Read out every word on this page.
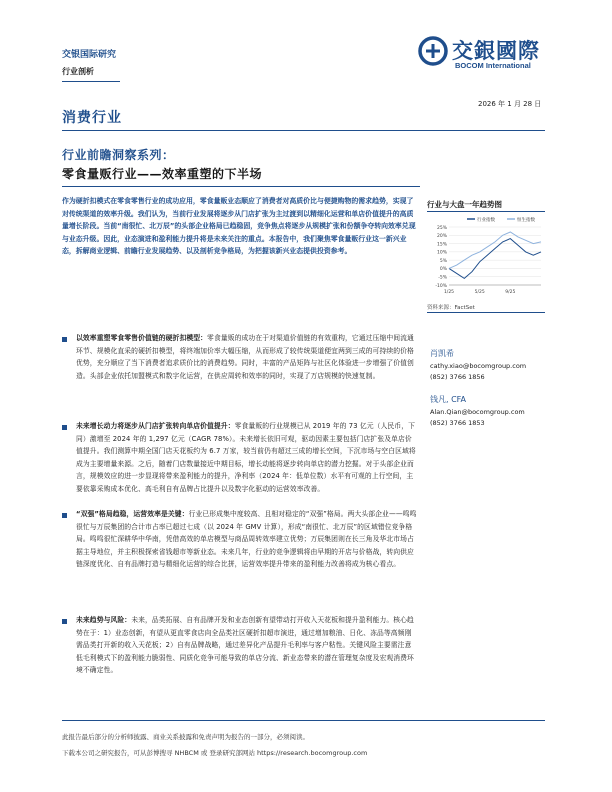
交银国际研究
行业剖析
交銀國際
BOCOM International
2026 年 1 月 28 日
消费行业
行业前瞻洞察系列：
零食量贩行业——效率重塑的下半场
作为硬折扣模式在零食零售行业的成功应用，零食量贩业态顺应了消费者对高质价比与便捷购物的需求趋势，实现了对传统渠道的效率升级。我们认为，当前行业发展将逐步从门店扩张为主过渡到以精细化运营和单店价值提升的高质量增长阶段。当前“南很忙、北万辰”的头部企业格局已趋稳固，竞争焦点将逐步从规模扩张和份额争夺转向效率兑现与业态升级。因此，业态演进和盈利能力提升将是未来关注的重点。本报告中，我们聚焦零食量贩行业这一新兴业态，拆解商业逻辑、前瞻行业发展趋势、以及剖析竞争格局，为把握该新兴业态提供投资参考。
以效率重塑零食零售价值链的硬折扣模型：零食量贩的成功在于对渠道价值链的有效重构，它通过压缩中间流通环节、规模化直采的硬折扣模型，将终端加价率大幅压缩，从而形成了较传统渠道便宜两到三成的可持续的价格优势，充分顺应了当下消费者追求质价比的消费趋势。同时，丰富的产品矩阵与社区化体验进一步增强了价值创造。头部企业依托加盟模式和数字化运营，在供应周转和效率的同时，实现了万店规模的快速复制。
未来增长动力将逐步从门店扩张转向单店价值提升：零食量贩的行业规模已从 2019 年的 73 亿元（人民币，下同）激增至 2024 年的 1,297 亿元（CAGR 78%）。未来增长依旧可观，驱动因素主要包括门店扩张及单店价值提升。我们测算中期全国门店天花板约为 6.7 万家，较当前仍有超过三成的增长空间，下沉市场与空白区域将成为主要增量来源。之后，随着门店数量接近中期目标，增长动能将逐步转向单店的潜力挖掘。对于头部企业而言，规模效应的进一步显现将带来盈利能力的提升，净利率（2024 年：低单位数）水平有可观的上行空间，主要依靠采购成本优化、高毛利自有品牌占比提升以及数字化驱动的运营效率改善。
“双强”格局趋稳，运营效率是关键：行业已形成集中度较高、且相对稳定的“双强”格局。两大头部企业——鸣鸣很忙与万辰集团的合计市占率已超过七成（以 2024 年 GMV 计算），形成“南很忙、北万辰”的区域错位竞争格局。鸣鸣很忙深耕华中华南，凭借高效的单店模型与商品周转效率建立优势；万辰集团则在长三角及华北市场占据主导地位，并主积极探索省钱超市等新业态。未来几年，行业的竞争逻辑将由早期的开店与价格战，转向供应链深度优化、自有品牌打造与精细化运营的综合比拼，运营效率提升带来的盈利能力改善将成为核心看点。
未来趋势与风险：未来，品类拓展、自有品牌开发和业态创新有望带动打开收入天花板和提升盈利能力。核心趋势在于：1）业态创新，有望从更直零食店向全品类社区硬折扣超市演进，通过增加粮油、日化、冻品等高频刚需品类打开新的收入天花板；2）自有品牌战略，通过差异化产品提升毛利率与客户粘性。关键风险主要需注意低毛利模式下的盈利能力脆弱性、同质化竞争可能导致的单店分流、新业态带来的潜在管理复杂度及宏观消费环境不确定性。
行业与大盘一年趋势图
25%
20%
15%
10%
5%
0%
-5%
-10%
1/25	5/25	9/25
行业指数	恒生指数
资料来源：FactSet
肖凯希
cathy.xiao@bocomgroup.com
(852) 3766 1856
钱凡, CFA
Alan.Qian@bocomgroup.com
(852) 3766 1853
此报告最后部分的分析师披露、商业关系披露和免责声明为报告的一部分，必须阅读。
下载本公司之研究报告，可从彭博搜寻 NHBCM 或 登录研究部网站 https://research.bocomgroup.com
